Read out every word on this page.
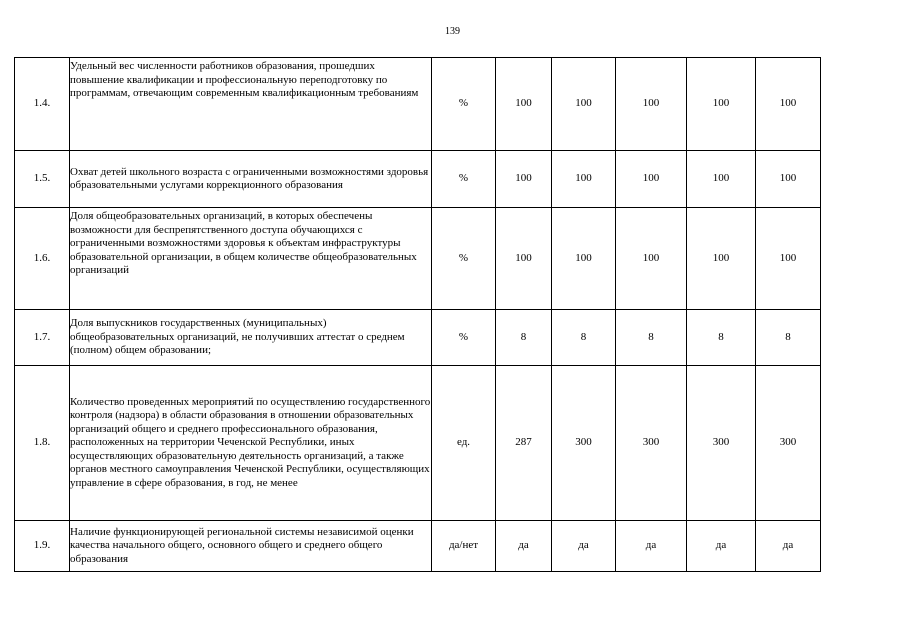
139
1.4.	Удельный вес численности работников образования, прошедших повышение квалификации и профессиональную переподготовку по программам, отвечающим современным квалификационным требованиям	%	100	100	100	100	100
1.5.	Охват детей школьного возраста с ограниченными возможностями здоровья образовательными услугами коррекционного образования	%	100	100	100	100	100
1.6.	Доля общеобразовательных организаций, в которых обеспечены возможности для беспрепятственного доступа обучающихся с ограниченными возможностями здоровья к объектам инфраструктуры образовательной организации, в общем количестве общеобразовательных организаций	%	100	100	100	100	100
1.7.	Доля выпускников государственных (муниципальных) общеобразовательных организаций, не получивших аттестат о среднем (полном) общем образовании;	%	8	8	8	8	8
1.8.	Количество проведенных мероприятий по осуществлению государственного контроля (надзора) в области образования в отношении образовательных организаций общего и среднего профессионального образования, расположенных на территории Чеченской Республики, иных осуществляющих образовательную деятельность организаций, а также органов местного самоуправления Чеченской Республики, осуществляющих управление в сфере образования, в год, не менее	ед.	287	300	300	300	300
1.9.	Наличие функционирующей региональной системы независимой оценки качества начального общего, основного общего и среднего общего образования	да/нет	да	да	да	да	да
